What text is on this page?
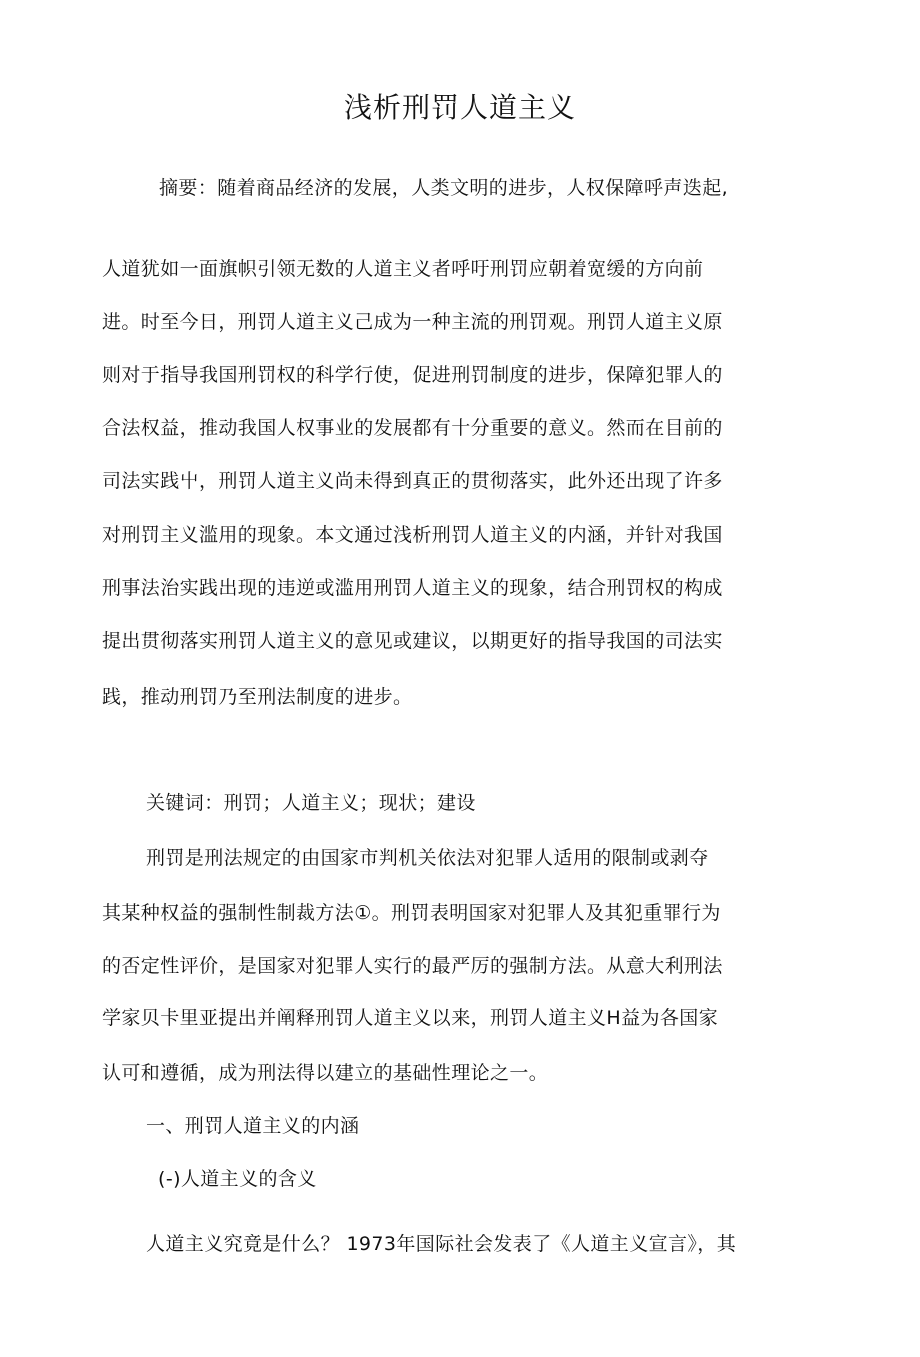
浅析刑罚人道主义
摘要：随着商品经济的发展，人类文明的进步，人权保障呼声迭起,
人道犹如一面旗帜引领无数的人道主义者呼吁刑罚应朝着宽缓的方向前
进。时至今日，刑罚人道主义己成为一种主流的刑罚观。刑罚人道主义原
则对于指导我国刑罚权的科学行使，促进刑罚制度的进步，保障犯罪人的
合法权益，推动我国人权事业的发展都有十分重要的意义。然而在目前的
司法实践屮，刑罚人道主义尚未得到真正的贯彻落实，此外还出现了许多
对刑罚主义滥用的现象。本文通过浅析刑罚人道主义的内涵，并针对我国
刑事法治实践出现的违逆或滥用刑罚人道主义的现象，结合刑罚权的构成
提出贯彻落实刑罚人道主义的意见或建议，以期更好的指导我国的司法实
践，推动刑罚乃至刑法制度的进步。
关键词：刑罚；人道主义；现状；建设
刑罚是刑法规定的由国家市判机关依法对犯罪人适用的限制或剥夺
其某种权益的强制性制裁方法①。刑罚表明国家对犯罪人及其犯重罪行为
的否定性评价，是国家对犯罪人实行的最严厉的强制方法。从意大利刑法
学家贝卡里亚提出并阐释刑罚人道主义以来，刑罚人道主义H益为各国家
认可和遵循，成为刑法得以建立的基础性理论之一。
一、刑罚人道主义的内涵
(-)人道主义的含义
人道主义究竟是什么？ 1973年国际社会发表了《人道主义宣言》，其
